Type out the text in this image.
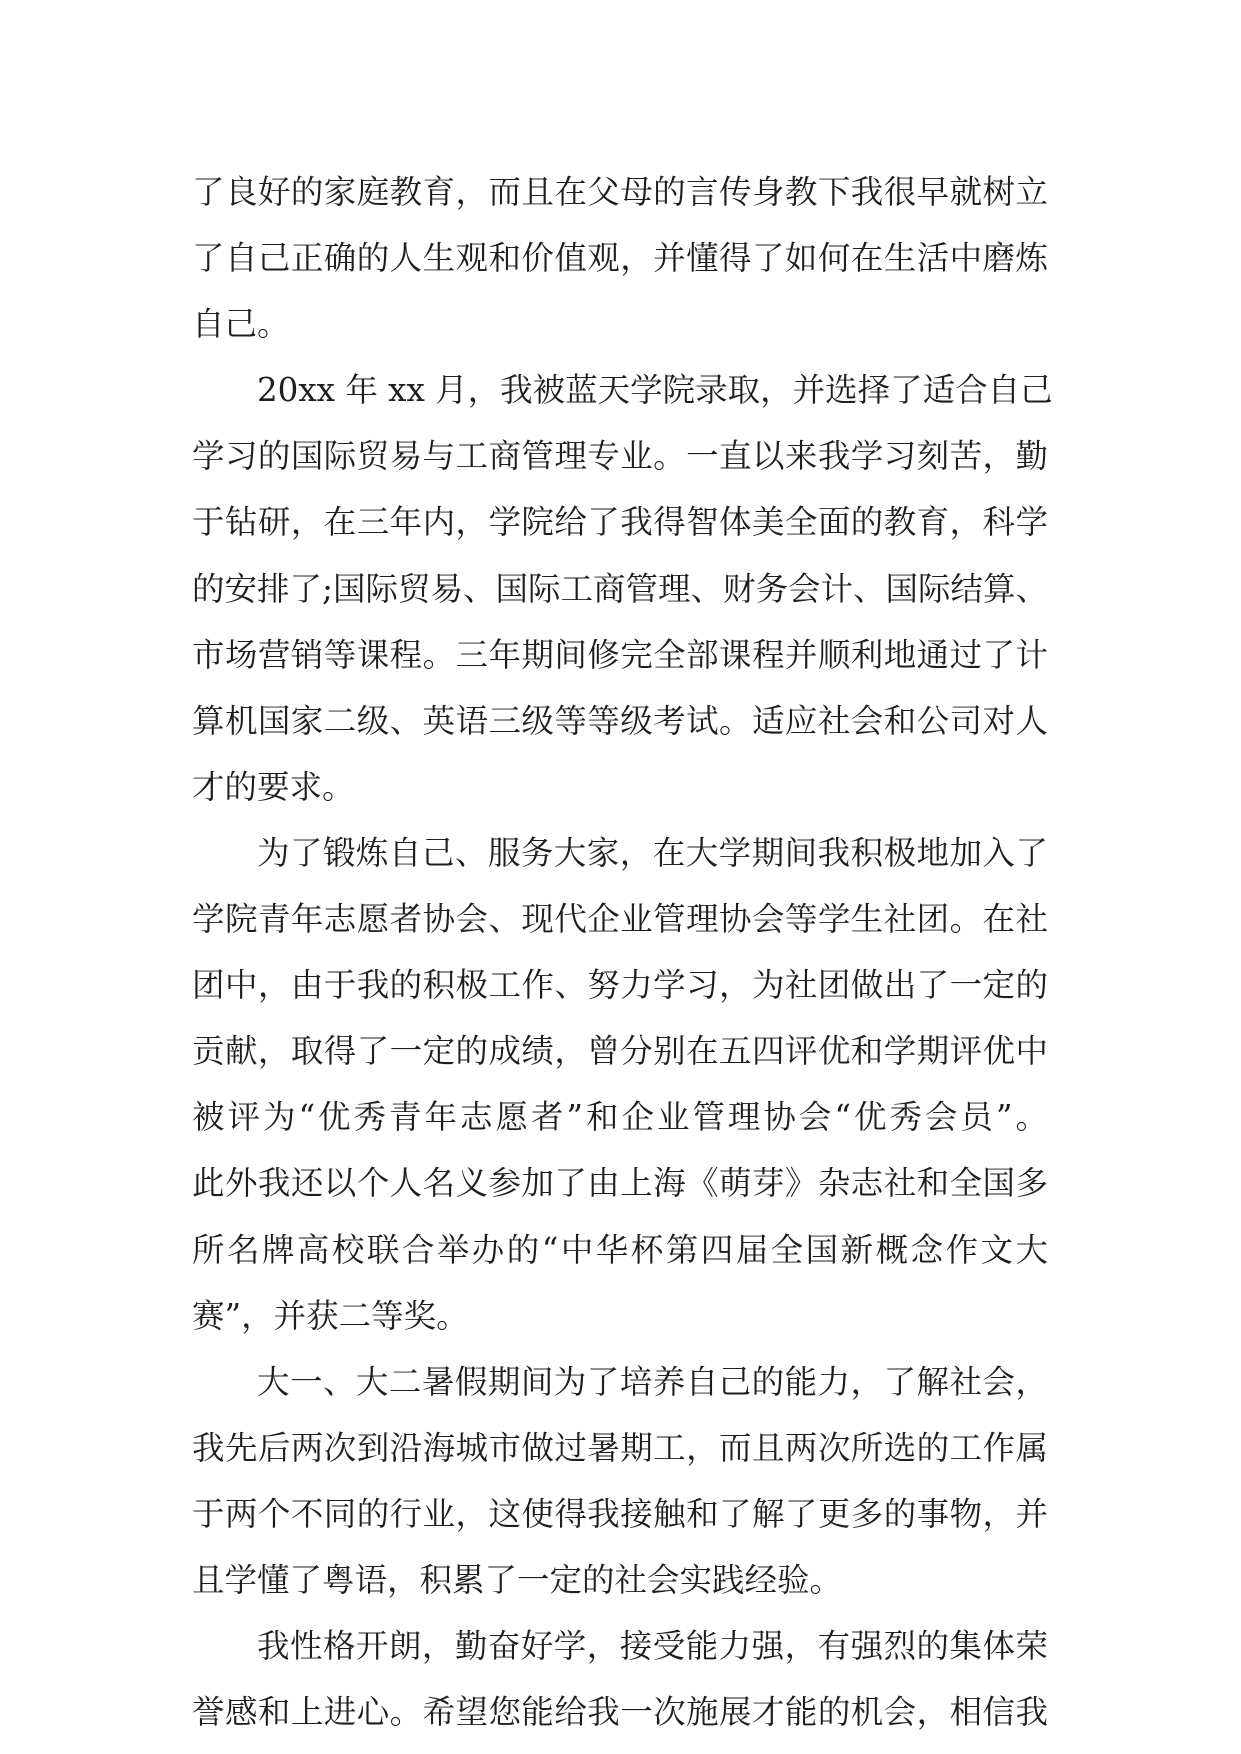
了良好的家庭教育，而且在父母的言传身教下我很早就树立
了自己正确的人生观和价值观，并懂得了如何在生活中磨炼
自己。
20xx 年 xx 月，我被蓝天学院录取，并选择了适合自己
学习的国际贸易与工商管理专业。一直以来我学习刻苦，勤
于钻研，在三年内，学院给了我得智体美全面的教育，科学
的安排了;国际贸易、国际工商管理、财务会计、国际结算、
市场营销等课程。三年期间修完全部课程并顺利地通过了计
算机国家二级、英语三级等等级考试。适应社会和公司对人
才的要求。
为了锻炼自己、服务大家，在大学期间我积极地加入了
学院青年志愿者协会、现代企业管理协会等学生社团。在社
团中，由于我的积极工作、努力学习，为社团做出了一定的
贡献，取得了一定的成绩，曾分别在五四评优和学期评优中
被评为“优秀青年志愿者”和企业管理协会“优秀会员”。
此外我还以个人名义参加了由上海《萌芽》杂志社和全国多
所名牌高校联合举办的“中华杯第四届全国新概念作文大
赛”，并获二等奖。
大一、大二暑假期间为了培养自己的能力，了解社会，
我先后两次到沿海城市做过暑期工，而且两次所选的工作属
于两个不同的行业，这使得我接触和了解了更多的事物，并
且学懂了粤语，积累了一定的社会实践经验。
我性格开朗，勤奋好学，接受能力强，有强烈的集体荣
誉感和上进心。希望您能给我一次施展才能的机会，相信我
